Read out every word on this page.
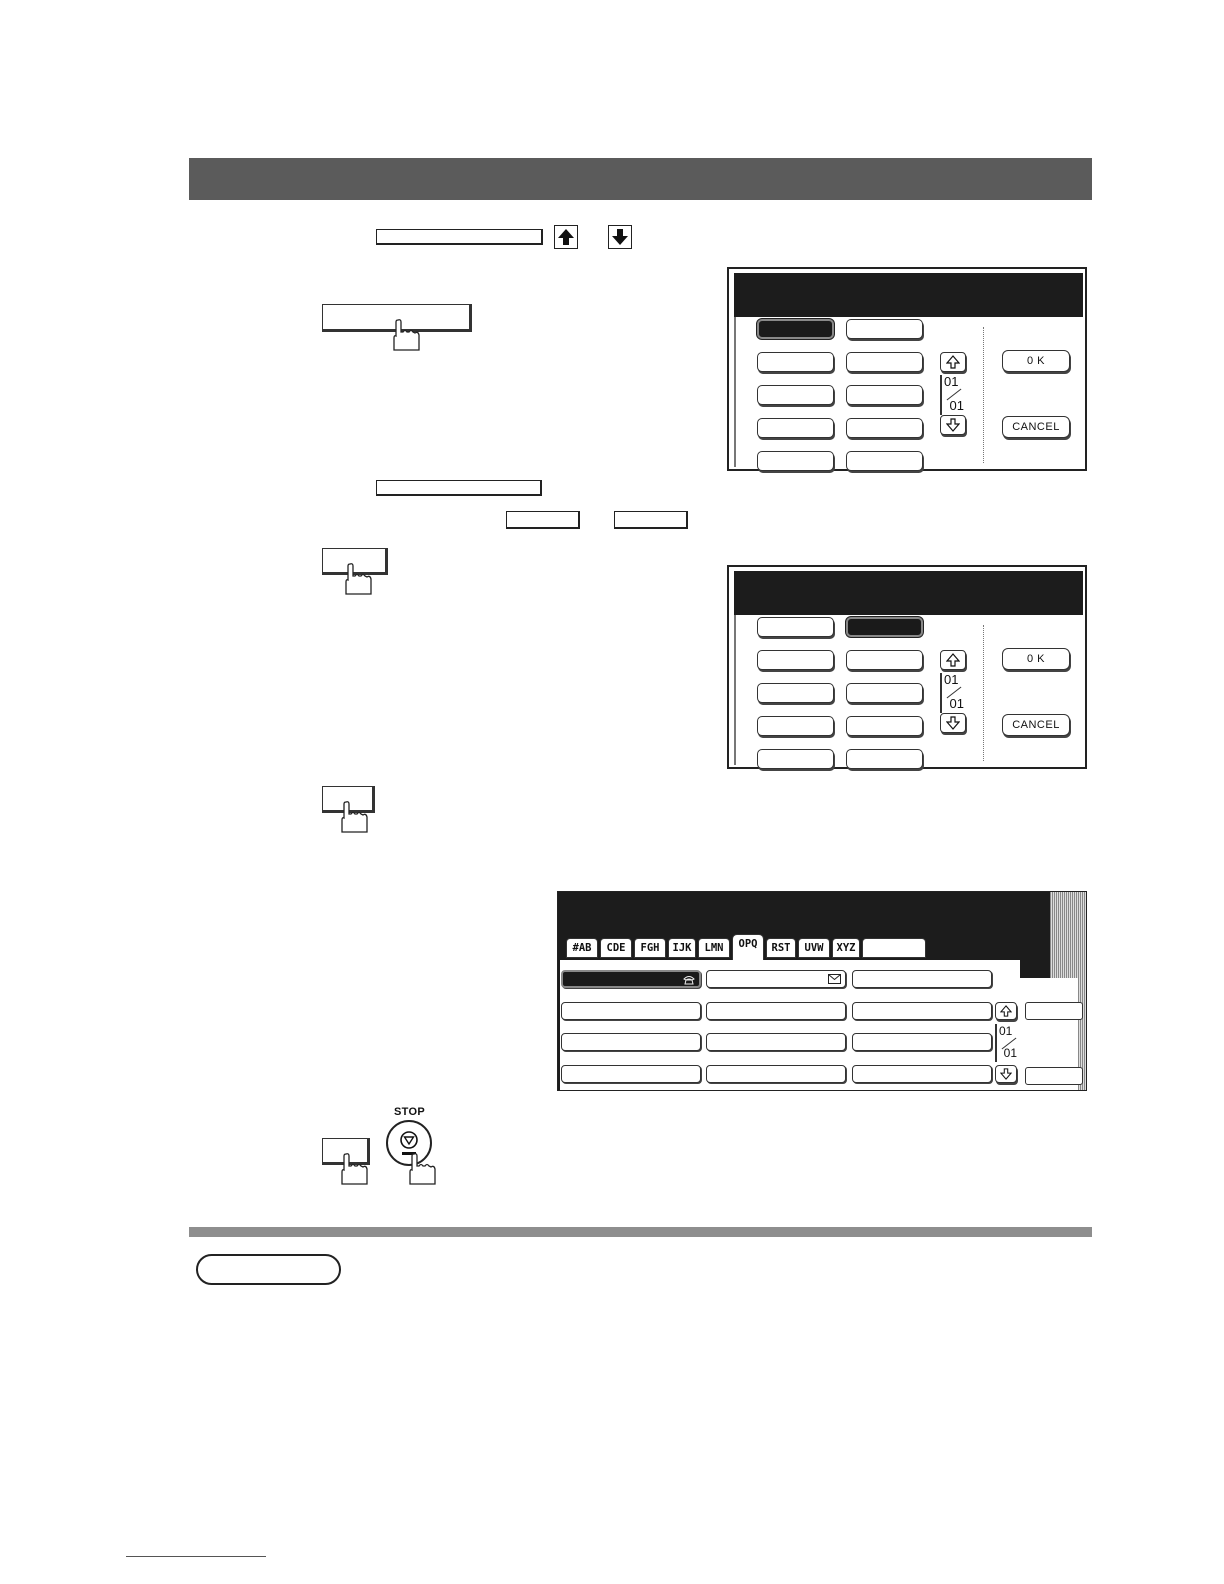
01
01
0 K
CANCEL
01
01
0 K
CANCEL
#AB	CDE	FGH	IJK	LMN	OPQ	RST	UVW	XYZ
01
01
STOP
